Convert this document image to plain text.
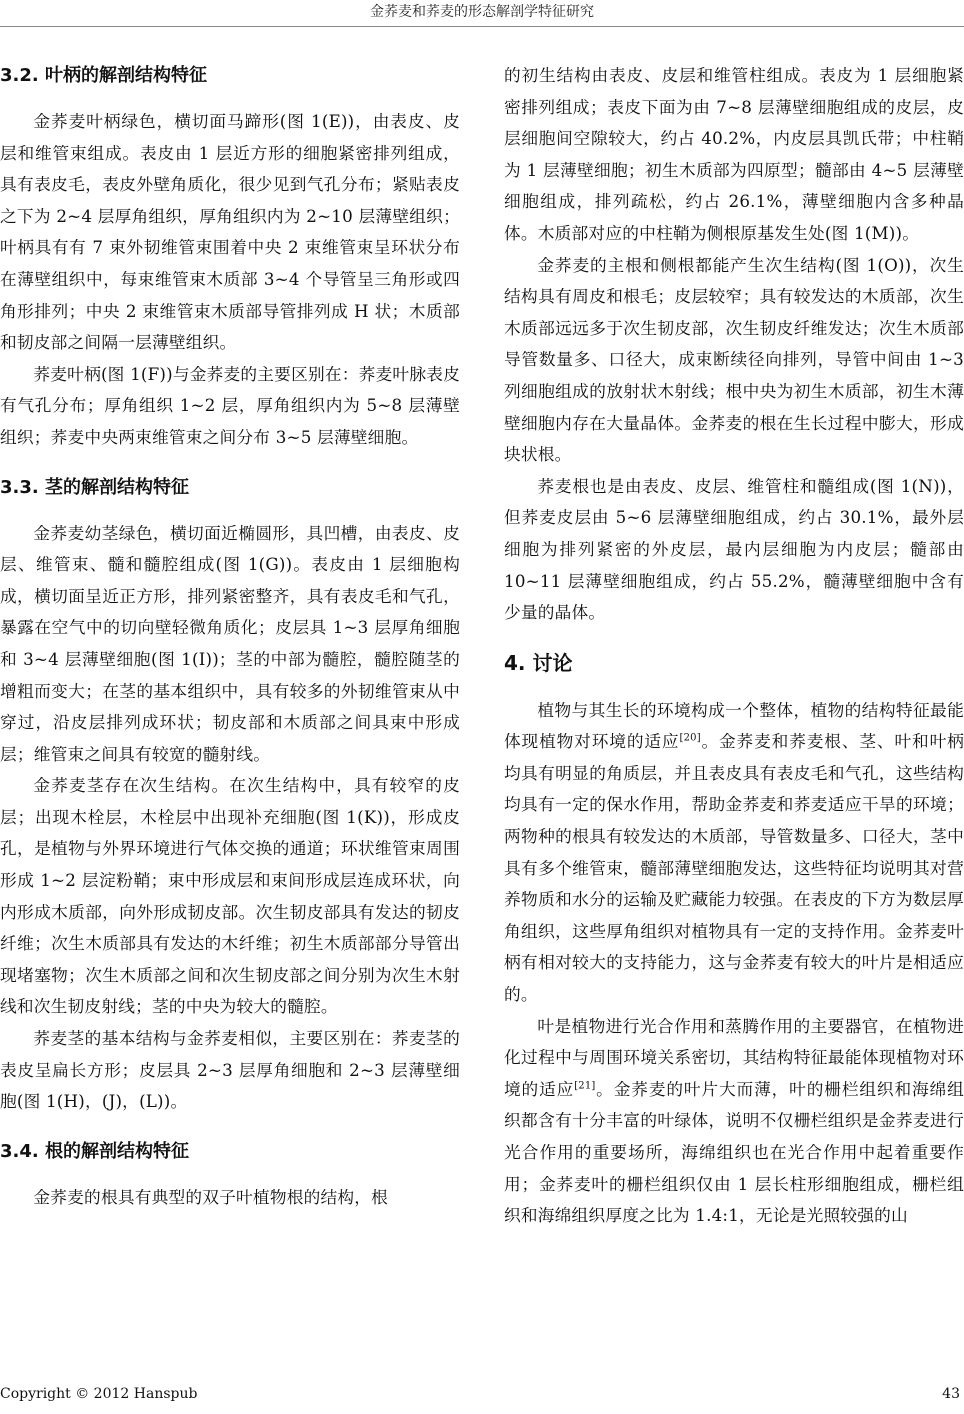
金荞麦和荞麦的形态解剖学特征研究
3.2. 叶柄的解剖结构特征

金荞麦叶柄绿色，横切面马蹄形(图 1(E))，由表皮、皮层和维管束组成。表皮由 1 层近方形的细胞紧密排列组成，具有表皮毛，表皮外壁角质化，很少见到气孔分布；紧贴表皮之下为 2~4 层厚角组织，厚角组织内为 2~10 层薄壁组织；叶柄具有有 7 束外韧维管束围着中央 2 束维管束呈环状分布在薄壁组织中，每束维管束木质部 3~4 个导管呈三角形或四角形排列；中央 2 束维管束木质部导管排列成 H 状；木质部和韧皮部之间隔一层薄壁组织。

荞麦叶柄(图 1(F))与金荞麦的主要区别在：荞麦叶脉表皮有气孔分布；厚角组织 1~2 层，厚角组织内为 5~8 层薄壁组织；荞麦中央两束维管束之间分布 3~5 层薄壁细胞。

3.3. 茎的解剖结构特征

金荞麦幼茎绿色，横切面近椭圆形，具凹槽，由表皮、皮层、维管束、髓和髓腔组成(图 1(G))。表皮由 1 层细胞构成，横切面呈近正方形，排列紧密整齐，具有表皮毛和气孔，暴露在空气中的切向壁轻微角质化；皮层具 1~3 层厚角细胞和 3~4 层薄壁细胞(图 1(I))；茎的中部为髓腔，髓腔随茎的增粗而变大；在茎的基本组织中，具有较多的外韧维管束从中穿过，沿皮层排列成环状；韧皮部和木质部之间具束中形成层；维管束之间具有较宽的髓射线。

金荞麦茎存在次生结构。在次生结构中，具有较窄的皮层；出现木栓层，木栓层中出现补充细胞(图 1(K))，形成皮孔，是植物与外界环境进行气体交换的通道；环状维管束周围形成 1~2 层淀粉鞘；束中形成层和束间形成层连成环状，向内形成木质部，向外形成韧皮部。次生韧皮部具有发达的韧皮纤维；次生木质部具有发达的木纤维；初生木质部部分导管出现堵塞物；次生木质部之间和次生韧皮部之间分别为次生木射线和次生韧皮射线；茎的中央为较大的髓腔。

荞麦茎的基本结构与金荞麦相似，主要区别在：荞麦茎的表皮呈扁长方形；皮层具 2~3 层厚角细胞和 2~3 层薄壁细胞(图 1(H)，(J)，(L))。

3.4. 根的解剖结构特征

金荞麦的根具有典型的双子叶植物根的结构，根

的初生结构由表皮、皮层和维管柱组成。表皮为 1 层细胞紧密排列组成；表皮下面为由 7~8 层薄壁细胞组成的皮层，皮层细胞间空隙较大，约占 40.2%，内皮层具凯氏带；中柱鞘为 1 层薄壁细胞；初生木质部为四原型；髓部由 4~5 层薄壁细胞组成，排列疏松，约占 26.1%，薄壁细胞内含多种晶体。木质部对应的中柱鞘为侧根原基发生处(图 1(M))。

金荞麦的主根和侧根都能产生次生结构(图 1(O))，次生结构具有周皮和根毛；皮层较窄；具有较发达的木质部，次生木质部远远多于次生韧皮部，次生韧皮纤维发达；次生木质部导管数量多、口径大，成束断续径向排列，导管中间由 1~3 列细胞组成的放射状木射线；根中央为初生木质部，初生木薄壁细胞内存在大量晶体。金荞麦的根在生长过程中膨大，形成块状根。

荞麦根也是由表皮、皮层、维管柱和髓组成(图 1(N))，但荞麦皮层由 5~6 层薄壁细胞组成，约占 30.1%，最外层细胞为排列紧密的外皮层，最内层细胞为内皮层；髓部由 10~11 层薄壁细胞组成，约占 55.2%，髓薄壁细胞中含有少量的晶体。

4. 讨论

植物与其生长的环境构成一个整体，植物的结构特征最能体现植物对环境的适应[20]。金荞麦和荞麦根、茎、叶和叶柄均具有明显的角质层，并且表皮具有表皮毛和气孔，这些结构均具有一定的保水作用，帮助金荞麦和荞麦适应干旱的环境；两物种的根具有较发达的木质部，导管数量多、口径大，茎中具有多个维管束，髓部薄壁细胞发达，这些特征均说明其对营养物质和水分的运输及贮藏能力较强。在表皮的下方为数层厚角组织，这些厚角组织对植物具有一定的支持作用。金荞麦叶柄有相对较大的支持能力，这与金荞麦有较大的叶片是相适应的。

叶是植物进行光合作用和蒸腾作用的主要器官，在植物进化过程中与周围环境关系密切，其结构特征最能体现植物对环境的适应[21]。金荞麦的叶片大而薄，叶的栅栏组织和海绵组织都含有十分丰富的叶绿体，说明不仅栅栏组织是金荞麦进行光合作用的重要场所，海绵组织也在光合作用中起着重要作用；金荞麦叶的栅栏组织仅由 1 层长柱形细胞组成，栅栏组织和海绵组织厚度之比为 1.4:1，无论是光照较强的山

Copyright © 2012 Hanspub	43
